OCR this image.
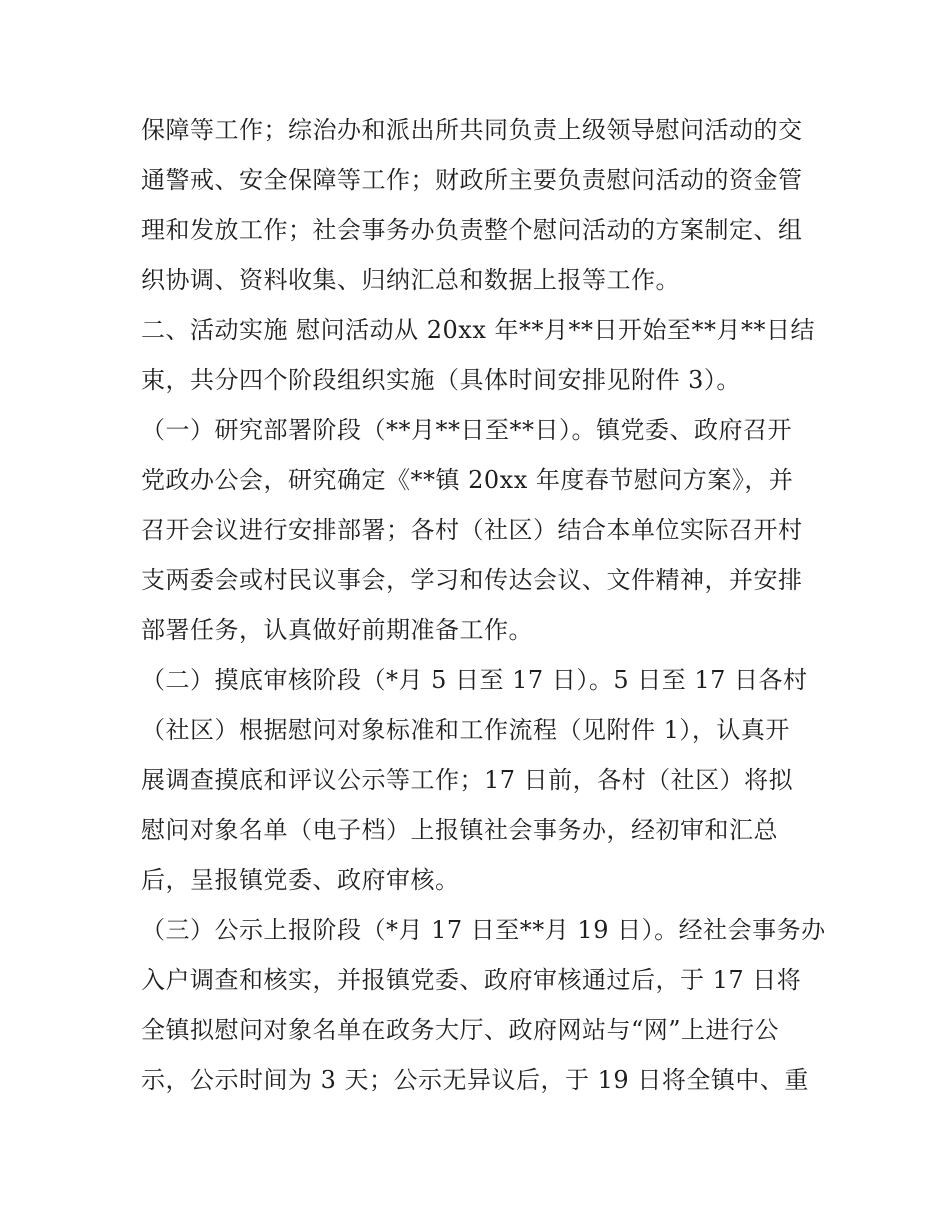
保障等工作；综治办和派出所共同负责上级领导慰问活动的交
通警戒、安全保障等工作；财政所主要负责慰问活动的资金管
理和发放工作；社会事务办负责整个慰问活动的方案制定、组
织协调、资料收集、归纳汇总和数据上报等工作。
二、活动实施 慰问活动从 20xx 年**月**日开始至**月**日结
束，共分四个阶段组织实施（具体时间安排见附件 3）。
（一）研究部署阶段（**月**日至**日）。镇党委、政府召开
党政办公会，研究确定《**镇 20xx 年度春节慰问方案》，并
召开会议进行安排部署；各村（社区）结合本单位实际召开村
支两委会或村民议事会，学习和传达会议、文件精神，并安排
部署任务，认真做好前期准备工作。
（二）摸底审核阶段（*月 5 日至 17 日）。5 日至 17 日各村
（社区）根据慰问对象标准和工作流程（见附件 1），认真开
展调查摸底和评议公示等工作；17 日前，各村（社区）将拟
慰问对象名单（电子档）上报镇社会事务办，经初审和汇总
后，呈报镇党委、政府审核。
（三）公示上报阶段（*月 17 日至**月 19 日）。经社会事务办
入户调查和核实，并报镇党委、政府审核通过后，于 17 日将
全镇拟慰问对象名单在政务大厅、政府网站与“网”上进行公
示，公示时间为 3 天；公示无异议后，于 19 日将全镇中、重
